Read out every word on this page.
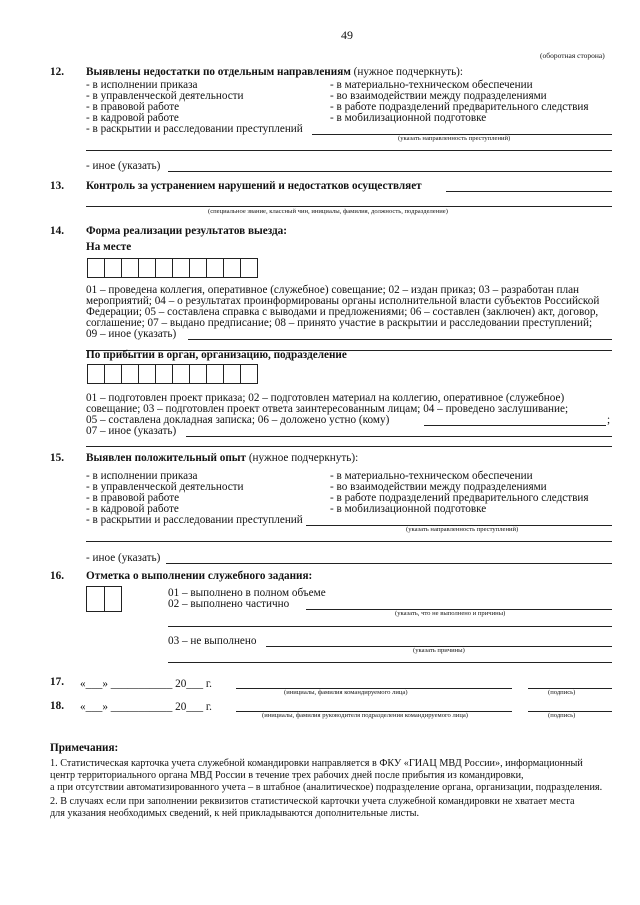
49
(оборотная сторона)
12. Выявлены недостатки по отдельным направлениям (нужное подчеркнуть):
- в исполнении приказа
- в управленческой деятельности
- в правовой работе
- в кадровой работе
- в раскрытии и расследовании преступлений
- в материально-техническом обеспечении
- во взаимодействии между подразделениями
- в работе подразделений предварительного следствия
- в мобилизационной подготовке
(указать направленность преступлений)
- иное (указать)
13. Контроль за устранением нарушений и недостатков осуществляет
(специальное звание, классный чин, инициалы, фамилия, должность, подразделение)
14. Форма реализации результатов выезда:
На месте
01 – проведена коллегия, оперативное (служебное) совещание; 02 – издан приказ; 03 – разработан план
мероприятий; 04 – о результатах проинформированы органы исполнительной власти субъектов Российской
Федерации; 05 – составлена справка с выводами и предложениями; 06 – составлен (заключен) акт, договор,
соглашение; 07 – выдано предписание; 08 – принято участие в раскрытии и расследовании преступлений;
09 – иное (указать)
По прибытии в орган, организацию, подразделение
01 – подготовлен проект приказа; 02 – подготовлен материал на коллегию, оперативное (служебное)
совещание; 03 – подготовлен проект ответа заинтересованным лицам; 04 – проведено заслушивание;
05 – составлена докладная записка; 06 – доложено устно (кому)	;
07 – иное (указать)
15. Выявлен положительный опыт (нужное подчеркнуть):
- в исполнении приказа
- в управленческой деятельности
- в правовой работе
- в кадровой работе
- в раскрытии и расследовании преступлений
- в материально-техническом обеспечении
- во взаимодействии между подразделениями
- в работе подразделений предварительного следствия
- в мобилизационной подготовке
(указать направленность преступлений)
- иное (указать)
16. Отметка о выполнении служебного задания:
01 – выполнено в полном объеме
02 – выполнено частично
(указать, что не выполнено и причины)
03 – не выполнено
(указать причины)
17. «___» ___________ 20___ г.
(инициалы, фамилия командируемого лица)	(подпись)
18. «___» ___________ 20___ г.
(инициалы, фамилия руководителя подразделения командируемого лица)	(подпись)
Примечания:
1. Статистическая карточка учета служебной командировки направляется в ФКУ «ГИАЦ МВД России», информационный
центр территориального органа МВД России в течение трех рабочих дней после прибытия из командировки,
а при отсутствии автоматизированного учета – в штабное (аналитическое) подразделение органа, организации, подразделения.
2. В случаях если при заполнении реквизитов статистической карточки учета служебной командировки не хватает места
для указания необходимых сведений, к ней прикладываются дополнительные листы.
